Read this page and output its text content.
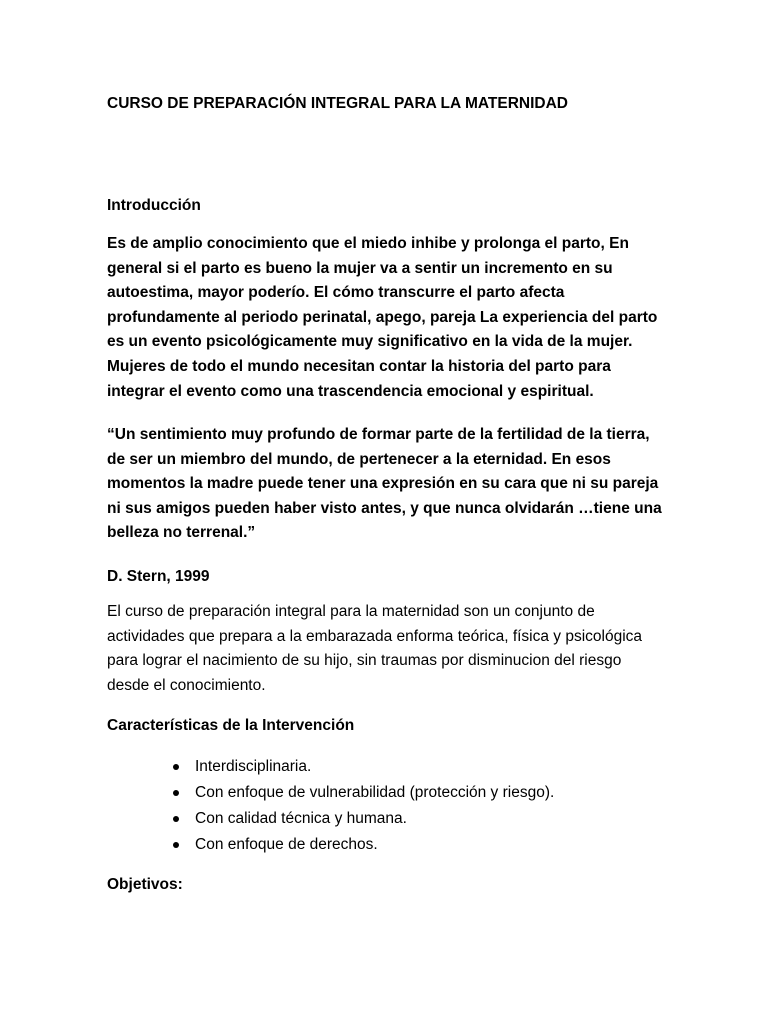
CURSO DE PREPARACIÓN INTEGRAL PARA LA MATERNIDAD

Introducción

Es de amplio conocimiento que el miedo inhibe y prolonga el parto, En
general si el parto es bueno la mujer va a sentir un incremento en su
autoestima, mayor poderío. El cómo transcurre el parto afecta
profundamente al periodo perinatal, apego, pareja La experiencia del parto
es un evento psicológicamente muy significativo en la vida de la mujer.
Mujeres de todo el mundo necesitan contar la historia del parto para
integrar el evento como una trascendencia emocional y espiritual.

“Un sentimiento muy profundo de formar parte de la fertilidad de la tierra,
de ser un miembro del mundo, de pertenecer a la eternidad. En esos
momentos la madre puede tener una expresión en su cara que ni su pareja
ni sus amigos pueden haber visto antes, y que nunca olvidarán …tiene una
belleza no terrenal.”

D. Stern, 1999

El curso de preparación integral para la maternidad son un conjunto de
actividades que prepara a la embarazada enforma teórica, física y psicológica
para lograr el nacimiento de su hijo, sin traumas por disminucion del riesgo
desde el conocimiento.

Características de la Intervención

Interdisciplinaria.
Con enfoque de vulnerabilidad (protección y riesgo).
Con calidad técnica y humana.
Con enfoque de derechos.

Objetivos:
